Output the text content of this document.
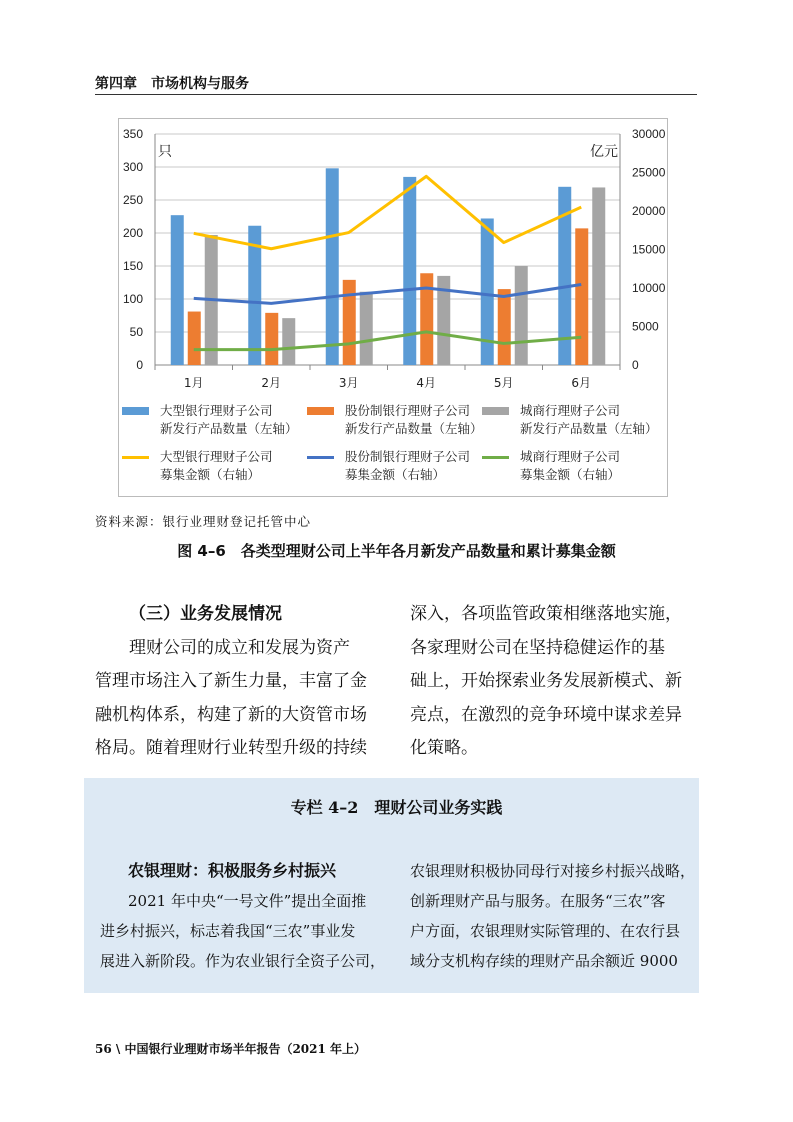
第四章　市场机构与服务
0
50
100
150
200
250
300
350
0
5000
10000
15000
20000
25000
30000
只	亿元
1月	2月	3月	4月	5月	6月
大型银行理财子公司
新发行产品数量（左轴）
股份制银行理财子公司
新发行产品数量（左轴）
城商行理财子公司
新发行产品数量（左轴）
大型银行理财子公司
募集金额（右轴）
股份制银行理财子公司
募集金额（右轴）
城商行理财子公司
募集金额（右轴）
资料来源：银行业理财登记托管中心
图 4–6　各类型理财公司上半年各月新发产品数量和累计募集金额

（三）业务发展情况

理财公司的成立和发展为资产

管理市场注入了新生力量，丰富了金

融机构体系，构建了新的大资管市场

格局。随着理财行业转型升级的持续

深入，各项监管政策相继落地实施，

各家理财公司在坚持稳健运作的基

础上，开始探索业务发展新模式、新

亮点，在激烈的竞争环境中谋求差异

化策略。

专栏 4–2　理财公司业务实践
农银理财：积极服务乡村振兴
2021 年中央“一号文件”提出全面推
进乡村振兴，标志着我国“三农”事业发
展进入新阶段。作为农业银行全资子公司，
农银理财积极协同母行对接乡村振兴战略，
创新理财产品与服务。在服务“三农”客
户方面，农银理财实际管理的、在农行县
域分支机构存续的理财产品余额近 9000
56 \ 中国银行业理财市场半年报告（2021 年上）
